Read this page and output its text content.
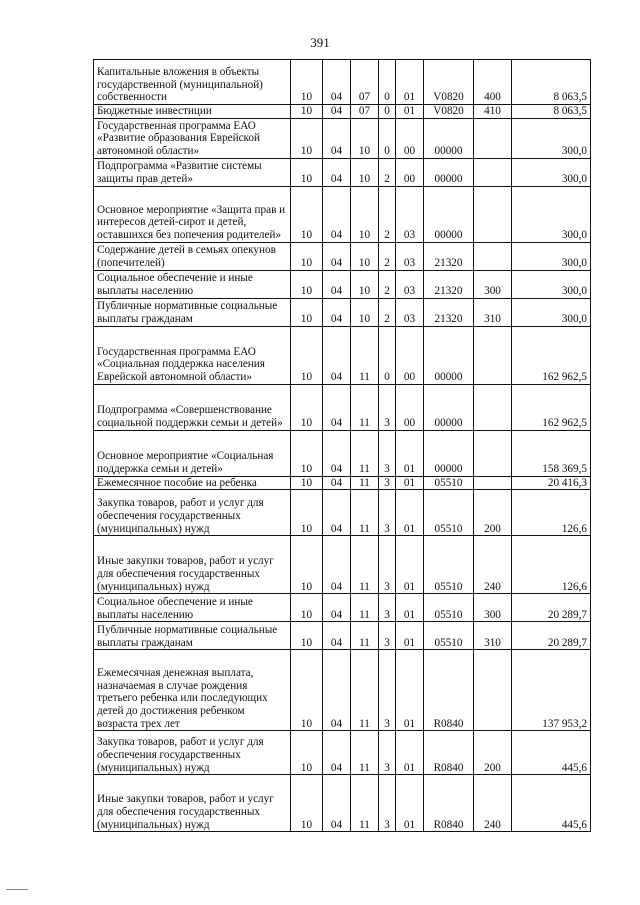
391
Капитальные вложения в объекты государственной (муниципальной) собственности	10	04	07	0	01	V0820	400	8 063,5
Бюджетные инвестиции	10	04	07	0	01	V0820	410	8 063,5
Государственная программа ЕАО «Развитие образования Еврейской автономной области»	10	04	10	0	00	00000		300,0
Подпрограмма «Развитие системы защиты прав детей»	10	04	10	2	00	00000		300,0
Основное мероприятие «Защита прав и интересов детей-сирот и детей, оставшихся без попечения родителей»	10	04	10	2	03	00000		300,0
Содержание детей в семьях опекунов (попечителей)	10	04	10	2	03	21320		300,0
Социальное обеспечение и иные выплаты населению	10	04	10	2	03	21320	300	300,0
Публичные нормативные социальные выплаты гражданам	10	04	10	2	03	21320	310	300,0
Государственная программа ЕАО «Социальная поддержка населения Еврейской автономной области»	10	04	11	0	00	00000		162 962,5
Подпрограмма «Совершенствование социальной поддержки семьи и детей»	10	04	11	3	00	00000		162 962,5
Основное мероприятие «Социальная поддержка семьи и детей»	10	04	11	3	01	00000		158 369,5
Ежемесячное пособие на ребенка	10	04	11	3	01	05510		20 416,3
Закупка товаров, работ и услуг для обеспечения государственных (муниципальных) нужд	10	04	11	3	01	05510	200	126,6
Иные закупки товаров, работ и услуг для обеспечения государственных (муниципальных) нужд	10	04	11	3	01	05510	240	126,6
Социальное обеспечение и иные выплаты населению	10	04	11	3	01	05510	300	20 289,7
Публичные нормативные социальные выплаты гражданам	10	04	11	3	01	05510	310	20 289,7
Ежемесячная денежная выплата, назначаемая в случае рождения третьего ребенка или последующих детей до достижения ребенком возраста трех лет	10	04	11	3	01	R0840		137 953,2
Закупка товаров, работ и услуг для обеспечения государственных (муниципальных) нужд	10	04	11	3	01	R0840	200	445,6
Иные закупки товаров, работ и услуг для обеспечения государственных (муниципальных) нужд	10	04	11	3	01	R0840	240	445,6
